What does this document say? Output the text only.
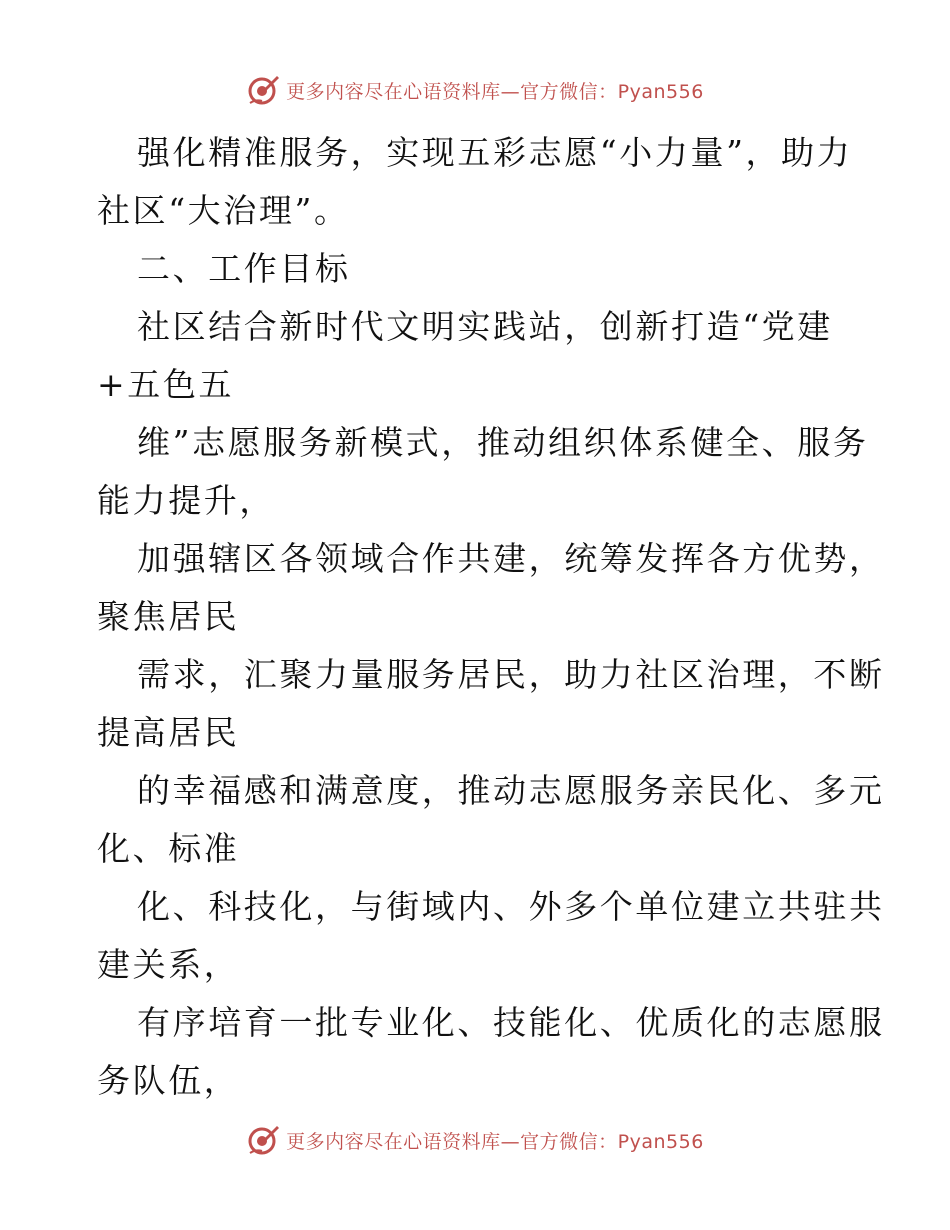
更多内容尽在心语资料库—官方微信：Pyan556
强化精准服务，实现五彩志愿“小力量”，助力
社区“大治理”。
二、工作目标
社区结合新时代文明实践站，创新打造“党建
+五色五
维”志愿服务新模式，推动组织体系健全、服务
能力提升，
加强辖区各领域合作共建，统筹发挥各方优势，
聚焦居民
需求，汇聚力量服务居民，助力社区治理，不断
提高居民
的幸福感和满意度，推动志愿服务亲民化、多元
化、标准
化、科技化，与街域内、外多个单位建立共驻共
建关系，
有序培育一批专业化、技能化、优质化的志愿服
务队伍，
更多内容尽在心语资料库—官方微信：Pyan556
